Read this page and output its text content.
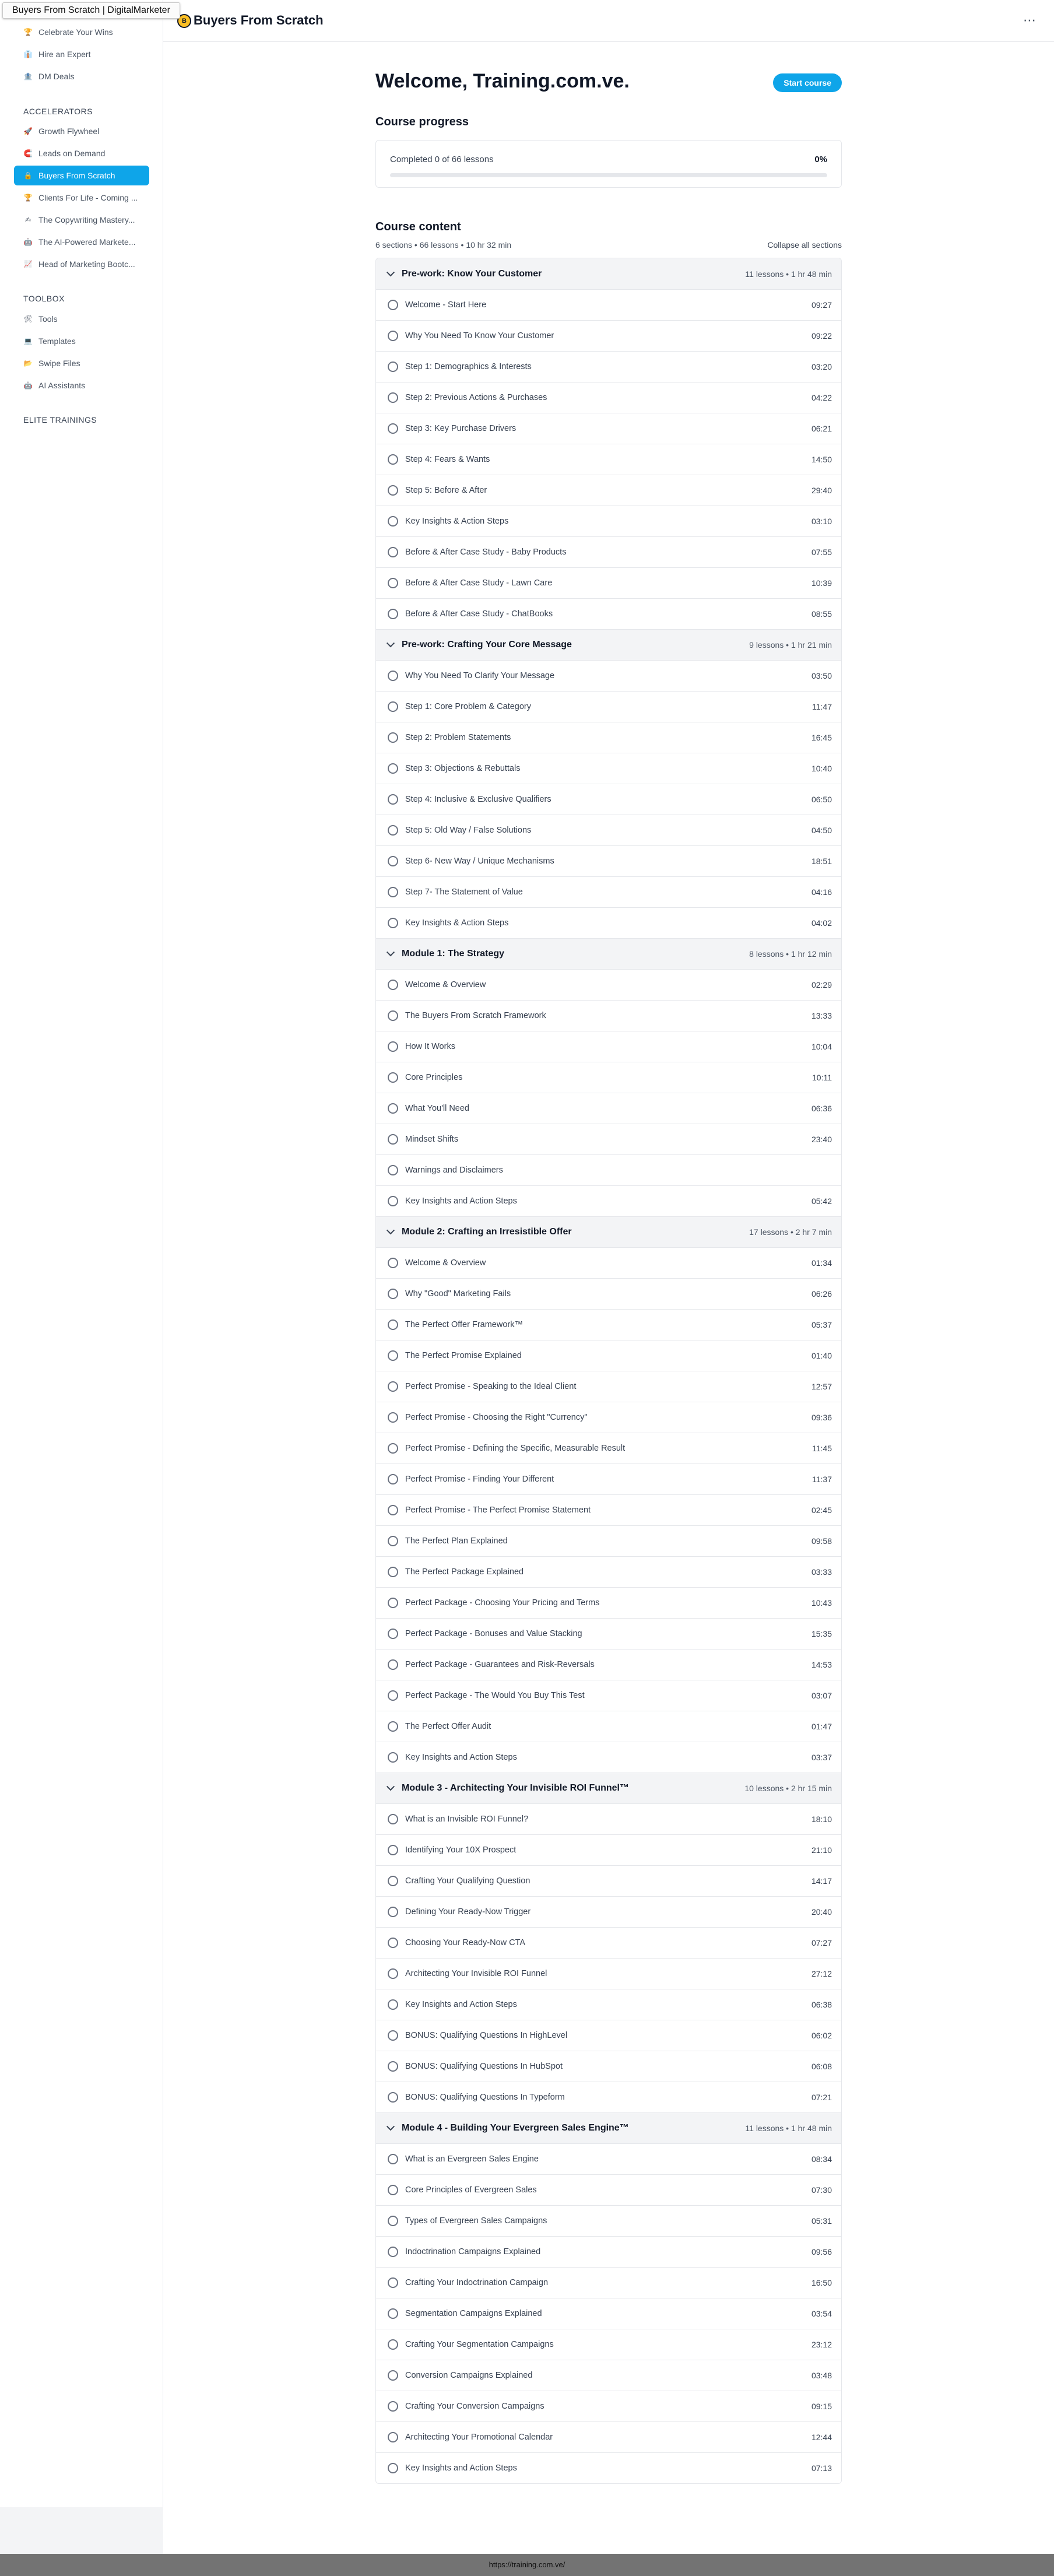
Buyers From Scratch | DigitalMarketer
🏆 Celebrate Your Wins
👔 Hire an Expert
🏦 DM Deals
ACCELERATORS
🚀 Growth Flywheel
🧲 Leads on Demand
🔒 Buyers From Scratch
🏆 Clients For Life - Coming ...
✍ The Copywriting Mastery...
🤖 The AI-Powered Markete...
📈 Head of Marketing Bootc...
TOOLBOX
🛠 Tools
💻 Templates
📂 Swipe Files
🤖 AI Assistants
ELITE TRAININGS
B Buyers From Scratch	⋯
Welcome, Training.com.ve.	Start course
Course progress
Completed 0 of 66 lessons	0%
Course content
6 sections • 66 lessons • 10 hr 32 min	Collapse all sections
Pre-work: Know Your Customer	11 lessons • 1 hr 48 min
Welcome - Start Here	09:27
Why You Need To Know Your Customer	09:22
Step 1: Demographics & Interests	03:20
Step 2: Previous Actions & Purchases	04:22
Step 3: Key Purchase Drivers	06:21
Step 4: Fears & Wants	14:50
Step 5: Before & After	29:40
Key Insights & Action Steps	03:10
Before & After Case Study - Baby Products	07:55
Before & After Case Study - Lawn Care	10:39
Before & After Case Study - ChatBooks	08:55
Pre-work: Crafting Your Core Message	9 lessons • 1 hr 21 min
Why You Need To Clarify Your Message	03:50
Step 1: Core Problem & Category	11:47
Step 2: Problem Statements	16:45
Step 3: Objections & Rebuttals	10:40
Step 4: Inclusive & Exclusive Qualifiers	06:50
Step 5: Old Way / False Solutions	04:50
Step 6- New Way / Unique Mechanisms	18:51
Step 7- The Statement of Value	04:16
Key Insights & Action Steps	04:02
Module 1: The Strategy	8 lessons • 1 hr 12 min
Welcome & Overview	02:29
The Buyers From Scratch Framework	13:33
How It Works	10:04
Core Principles	10:11
What You'll Need	06:36
Mindset Shifts	23:40
Warnings and Disclaimers
Key Insights and Action Steps	05:42
Module 2: Crafting an Irresistible Offer	17 lessons • 2 hr 7 min
Welcome & Overview	01:34
Why "Good" Marketing Fails	06:26
The Perfect Offer Framework™	05:37
The Perfect Promise Explained	01:40
Perfect Promise - Speaking to the Ideal Client	12:57
Perfect Promise - Choosing the Right "Currency"	09:36
Perfect Promise - Defining the Specific, Measurable Result	11:45
Perfect Promise - Finding Your Different	11:37
Perfect Promise - The Perfect Promise Statement	02:45
The Perfect Plan Explained	09:58
The Perfect Package Explained	03:33
Perfect Package - Choosing Your Pricing and Terms	10:43
Perfect Package - Bonuses and Value Stacking	15:35
Perfect Package - Guarantees and Risk-Reversals	14:53
Perfect Package - The Would You Buy This Test	03:07
The Perfect Offer Audit	01:47
Key Insights and Action Steps	03:37
Module 3 - Architecting Your Invisible ROI Funnel™	10 lessons • 2 hr 15 min
What is an Invisible ROI Funnel?	18:10
Identifying Your 10X Prospect	21:10
Crafting Your Qualifying Question	14:17
Defining Your Ready-Now Trigger	20:40
Choosing Your Ready-Now CTA	07:27
Architecting Your Invisible ROI Funnel	27:12
Key Insights and Action Steps	06:38
BONUS: Qualifying Questions In HighLevel	06:02
BONUS: Qualifying Questions In HubSpot	06:08
BONUS: Qualifying Questions In Typeform	07:21
Module 4 - Building Your Evergreen Sales Engine™	11 lessons • 1 hr 48 min
What is an Evergreen Sales Engine	08:34
Core Principles of Evergreen Sales	07:30
Types of Evergreen Sales Campaigns	05:31
Indoctrination Campaigns Explained	09:56
Crafting Your Indoctrination Campaign	16:50
Segmentation Campaigns Explained	03:54
Crafting Your Segmentation Campaigns	23:12
Conversion Campaigns Explained	03:48
Crafting Your Conversion Campaigns	09:15
Architecting Your Promotional Calendar	12:44
Key Insights and Action Steps	07:13
https://training.com.ve/
